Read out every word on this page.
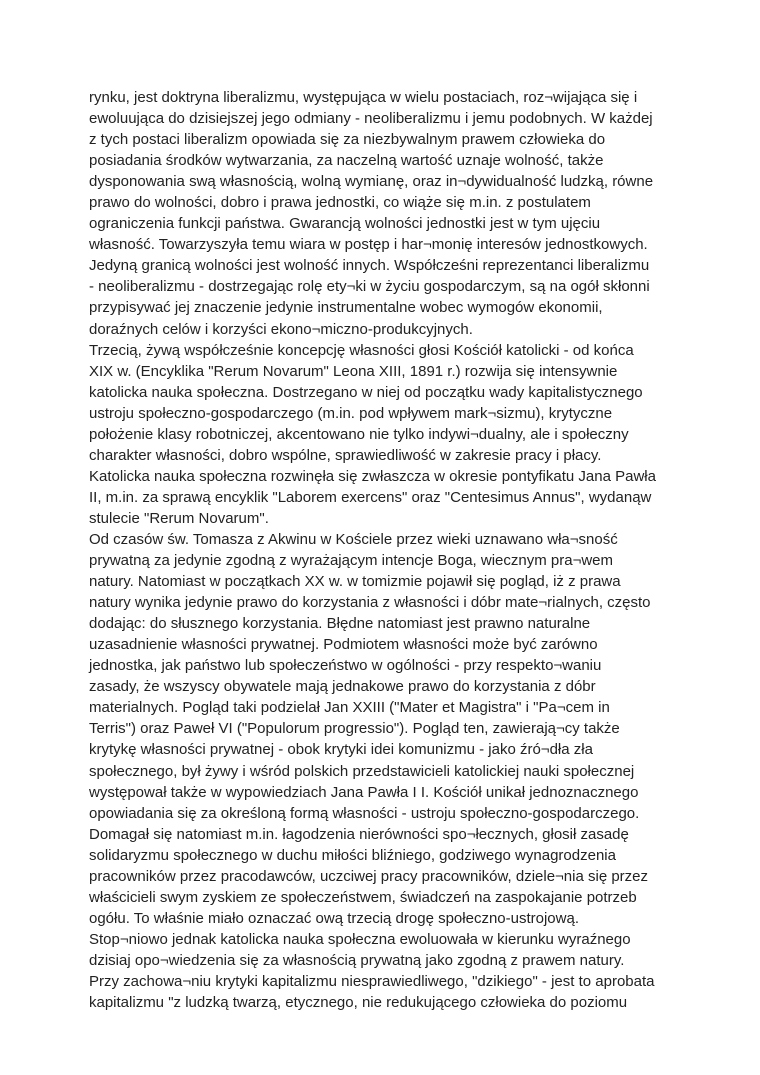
rynku, jest doktryna liberalizmu, występująca w wielu postaciach, roz¬wijająca się i
ewoluująca do dzisiejszej jego odmiany - neoliberalizmu i jemu podobnych. W każdej
z tych postaci liberalizm opowiada się za niezbywalnym prawem człowieka do
posiadania środków wytwarzania, za naczelną wartość uznaje wolność, także
dysponowania swą własnością, wolną wymianę, oraz in¬dywidualność ludzką, równe
prawo do wolności, dobro i prawa jednostki, co wiąże się m.in. z postulatem
ograniczenia funkcji państwa. Gwarancją wolności jednostki jest w tym ujęciu
własność. Towarzyszyła temu wiara w postęp i har¬monię interesów jednostkowych.
Jedyną granicą wolności jest wolność innych. Współcześni reprezentanci liberalizmu
- neoliberalizmu - dostrzegając rolę ety¬ki w życiu gospodarczym, są na ogół skłonni
przypisywać jej znaczenie jedynie instrumentalne wobec wymogów ekonomii,
doraźnych celów i korzyści ekono¬miczno-produkcyjnych.
Trzecią, żywą współcześnie koncepcję własności głosi Kościół katolicki - od końca
XIX w. (Encyklika "Rerum Novarum" Leona XIII, 1891 r.) rozwija się intensywnie
katolicka nauka społeczna. Dostrzegano w niej od początku wady kapitalistycznego
ustroju społeczno-gospodarczego (m.in. pod wpływem mark¬sizmu), krytyczne
położenie klasy robotniczej, akcentowano nie tylko indywi¬dualny, ale i społeczny
charakter własności, dobro wspólne, sprawiedliwość w zakresie pracy i płacy.
Katolicka nauka społeczna rozwinęła się zwłaszcza w okresie pontyfikatu Jana Pawła
II, m.in. za sprawą encyklik "Laborem exercens" oraz "Centesimus Annus", wydanąw
stulecie "Rerum Novarum".
Od czasów św. Tomasza z Akwinu w Kościele przez wieki uznawano wła¬sność
prywatną za jedynie zgodną z wyrażającym intencje Boga, wiecznym pra¬wem
natury. Natomiast w początkach XX w. w tomizmie pojawił się pogląd, iż z prawa
natury wynika jedynie prawo do korzystania z własności i dóbr mate¬rialnych, często
dodając: do słusznego korzystania. Błędne natomiast jest prawno naturalne
uzasadnienie własności prywatnej. Podmiotem własności może być zarówno
jednostka, jak państwo lub społeczeństwo w ogólności - przy respekto¬waniu
zasady, że wszyscy obywatele mają jednakowe prawo do korzystania z dóbr
materialnych. Pogląd taki podzielał Jan XXIII ("Mater et Magistra" i "Pa¬cem in
Terris") oraz Paweł VI ("Populorum progressio"). Pogląd ten, zawierają¬cy także
krytykę własności prywatnej - obok krytyki idei komunizmu - jako źró¬dła zła
społecznego, był żywy i wśród polskich przedstawicieli katolickiej nauki społecznej
występował także w wypowiedziach Jana Pawła I I. Kościół unikał jednoznacznego
opowiadania się za określoną formą własności - ustroju społeczno-gospodarczego.
Domagał się natomiast m.in. łagodzenia nierówności spo¬łecznych, głosił zasadę
solidaryzmu społecznego w duchu miłości bliźniego, godziwego wynagrodzenia
pracowników przez pracodawców, uczciwej pracy pracowników, dziele¬nia się przez
właścicieli swym zyskiem ze społeczeństwem, świadczeń na zaspokajanie potrzeb
ogółu. To właśnie miało oznaczać ową trzecią drogę społeczno-ustrojową.
Stop¬niowo jednak katolicka nauka społeczna ewoluowała w kierunku wyraźnego
dzisiaj opo¬wiedzenia się za własnością prywatną jako zgodną z prawem natury.
Przy zachowa¬niu krytyki kapitalizmu niesprawiedliwego, "dzikiego" - jest to aprobata
kapitalizmu "z ludzką twarzą, etycznego, nie redukującego człowieka do poziomu
